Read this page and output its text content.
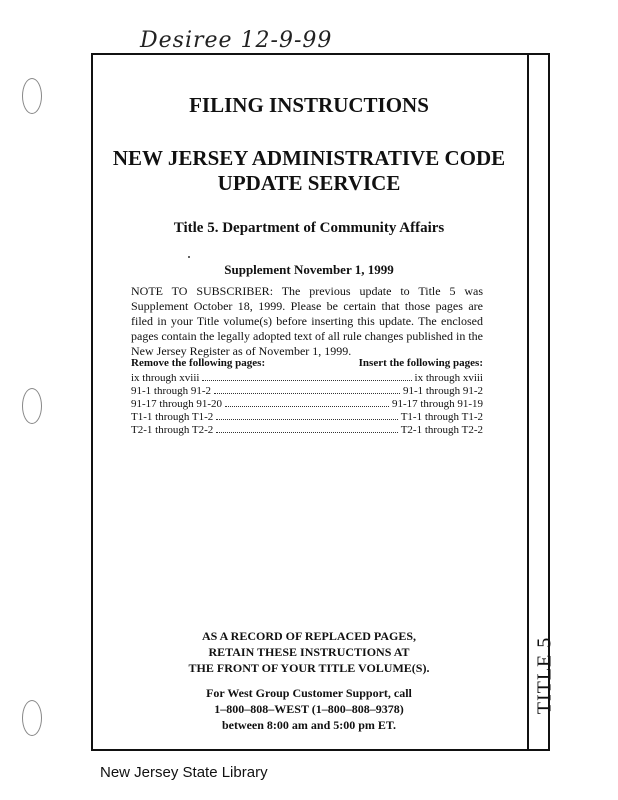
Desiree 12-9-99
TITLE 5
FILING INSTRUCTIONS
NEW JERSEY ADMINISTRATIVE CODE
UPDATE SERVICE
Title 5. Department of Community Affairs
Supplement November 1, 1999
NOTE TO SUBSCRIBER: The previous update to Title 5 was Supplement October 18, 1999. Please be certain that those pages are filed in your Title volume(s) before inserting this update. The enclosed pages contain the legally adopted text of all rule changes published in the New Jersey Register as of November 1, 1999.
Remove the following pages:	Insert the following pages:
ix through xviii	ix through xviii
91-1 through 91-2	91-1 through 91-2
91-17 through 91-20	91-17 through 91-19
T1-1 through T1-2	T1-1 through T1-2
T2-1 through T2-2	T2-1 through T2-2
AS A RECORD OF REPLACED PAGES,
RETAIN THESE INSTRUCTIONS AT
THE FRONT OF YOUR TITLE VOLUME(S).
For West Group Customer Support, call
1–800–808–WEST (1–800–808–9378)
between 8:00 am and 5:00 pm ET.
New Jersey State Library
